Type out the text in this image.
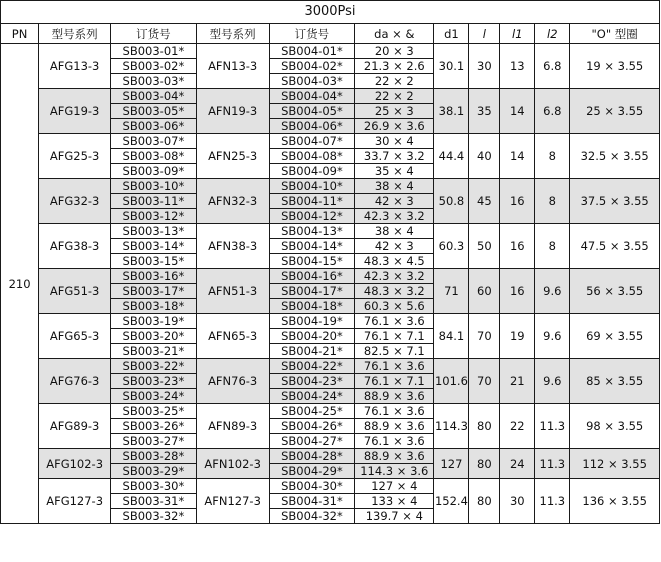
3000Psi										
PN	型号系列	订货号	型号系列	订货号	da × &	d1	l	l1	l2	"O" 型圈
210	AFG13-3	SB003-01*	AFN13-3	SB004-01*	20 × 3	30.1	30	13	6.8	19 × 3.55
		SB003-02*		SB004-02*	21.3 × 2.6					
		SB003-03*		SB004-03*	22 × 2					
	AFG19-3	SB003-04*	AFN19-3	SB004-04*	22 × 2	38.1	35	14	6.8	25 × 3.55
		SB003-05*		SB004-05*	25 × 3					
		SB003-06*		SB004-06*	26.9 × 3.6					
	AFG25-3	SB003-07*	AFN25-3	SB004-07*	30 × 4	44.4	40	14	8	32.5 × 3.55
		SB003-08*		SB004-08*	33.7 × 3.2					
		SB003-09*		SB004-09*	35 × 4					
	AFG32-3	SB003-10*	AFN32-3	SB004-10*	38 × 4	50.8	45	16	8	37.5 × 3.55
		SB003-11*		SB004-11*	42 × 3					
		SB003-12*		SB004-12*	42.3 × 3.2					
	AFG38-3	SB003-13*	AFN38-3	SB004-13*	38 × 4	60.3	50	16	8	47.5 × 3.55
		SB003-14*		SB004-14*	42 × 3					
		SB003-15*		SB004-15*	48.3 × 4.5					
	AFG51-3	SB003-16*	AFN51-3	SB004-16*	42.3 × 3.2	71	60	16	9.6	56 × 3.55
		SB003-17*		SB004-17*	48.3 × 3.2					
		SB003-18*		SB004-18*	60.3 × 5.6					
	AFG65-3	SB003-19*	AFN65-3	SB004-19*	76.1 × 3.6	84.1	70	19	9.6	69 × 3.55
		SB003-20*		SB004-20*	76.1 × 7.1					
		SB003-21*		SB004-21*	82.5 × 7.1					
	AFG76-3	SB003-22*	AFN76-3	SB004-22*	76.1 × 3.6	101.6	70	21	9.6	85 × 3.55
		SB003-23*		SB004-23*	76.1 × 7.1					
		SB003-24*		SB004-24*	88.9 × 3.6					
	AFG89-3	SB003-25*	AFN89-3	SB004-25*	76.1 × 3.6	114.3	80	22	11.3	98 × 3.55
		SB003-26*		SB004-26*	88.9 × 3.6					
		SB003-27*		SB004-27*	76.1 × 3.6					
	AFG102-3	SB003-28*	AFN102-3	SB004-28*	88.9 × 3.6	127	80	24	11.3	112 × 3.55
		SB003-29*		SB004-29*	114.3 × 3.6					
	AFG127-3	SB003-30*	AFN127-3	SB004-30*	127 × 4	152.4	80	30	11.3	136 × 3.55
		SB003-31*		SB004-31*	133 × 4					
		SB003-32*		SB004-32*	139.7 × 4					
